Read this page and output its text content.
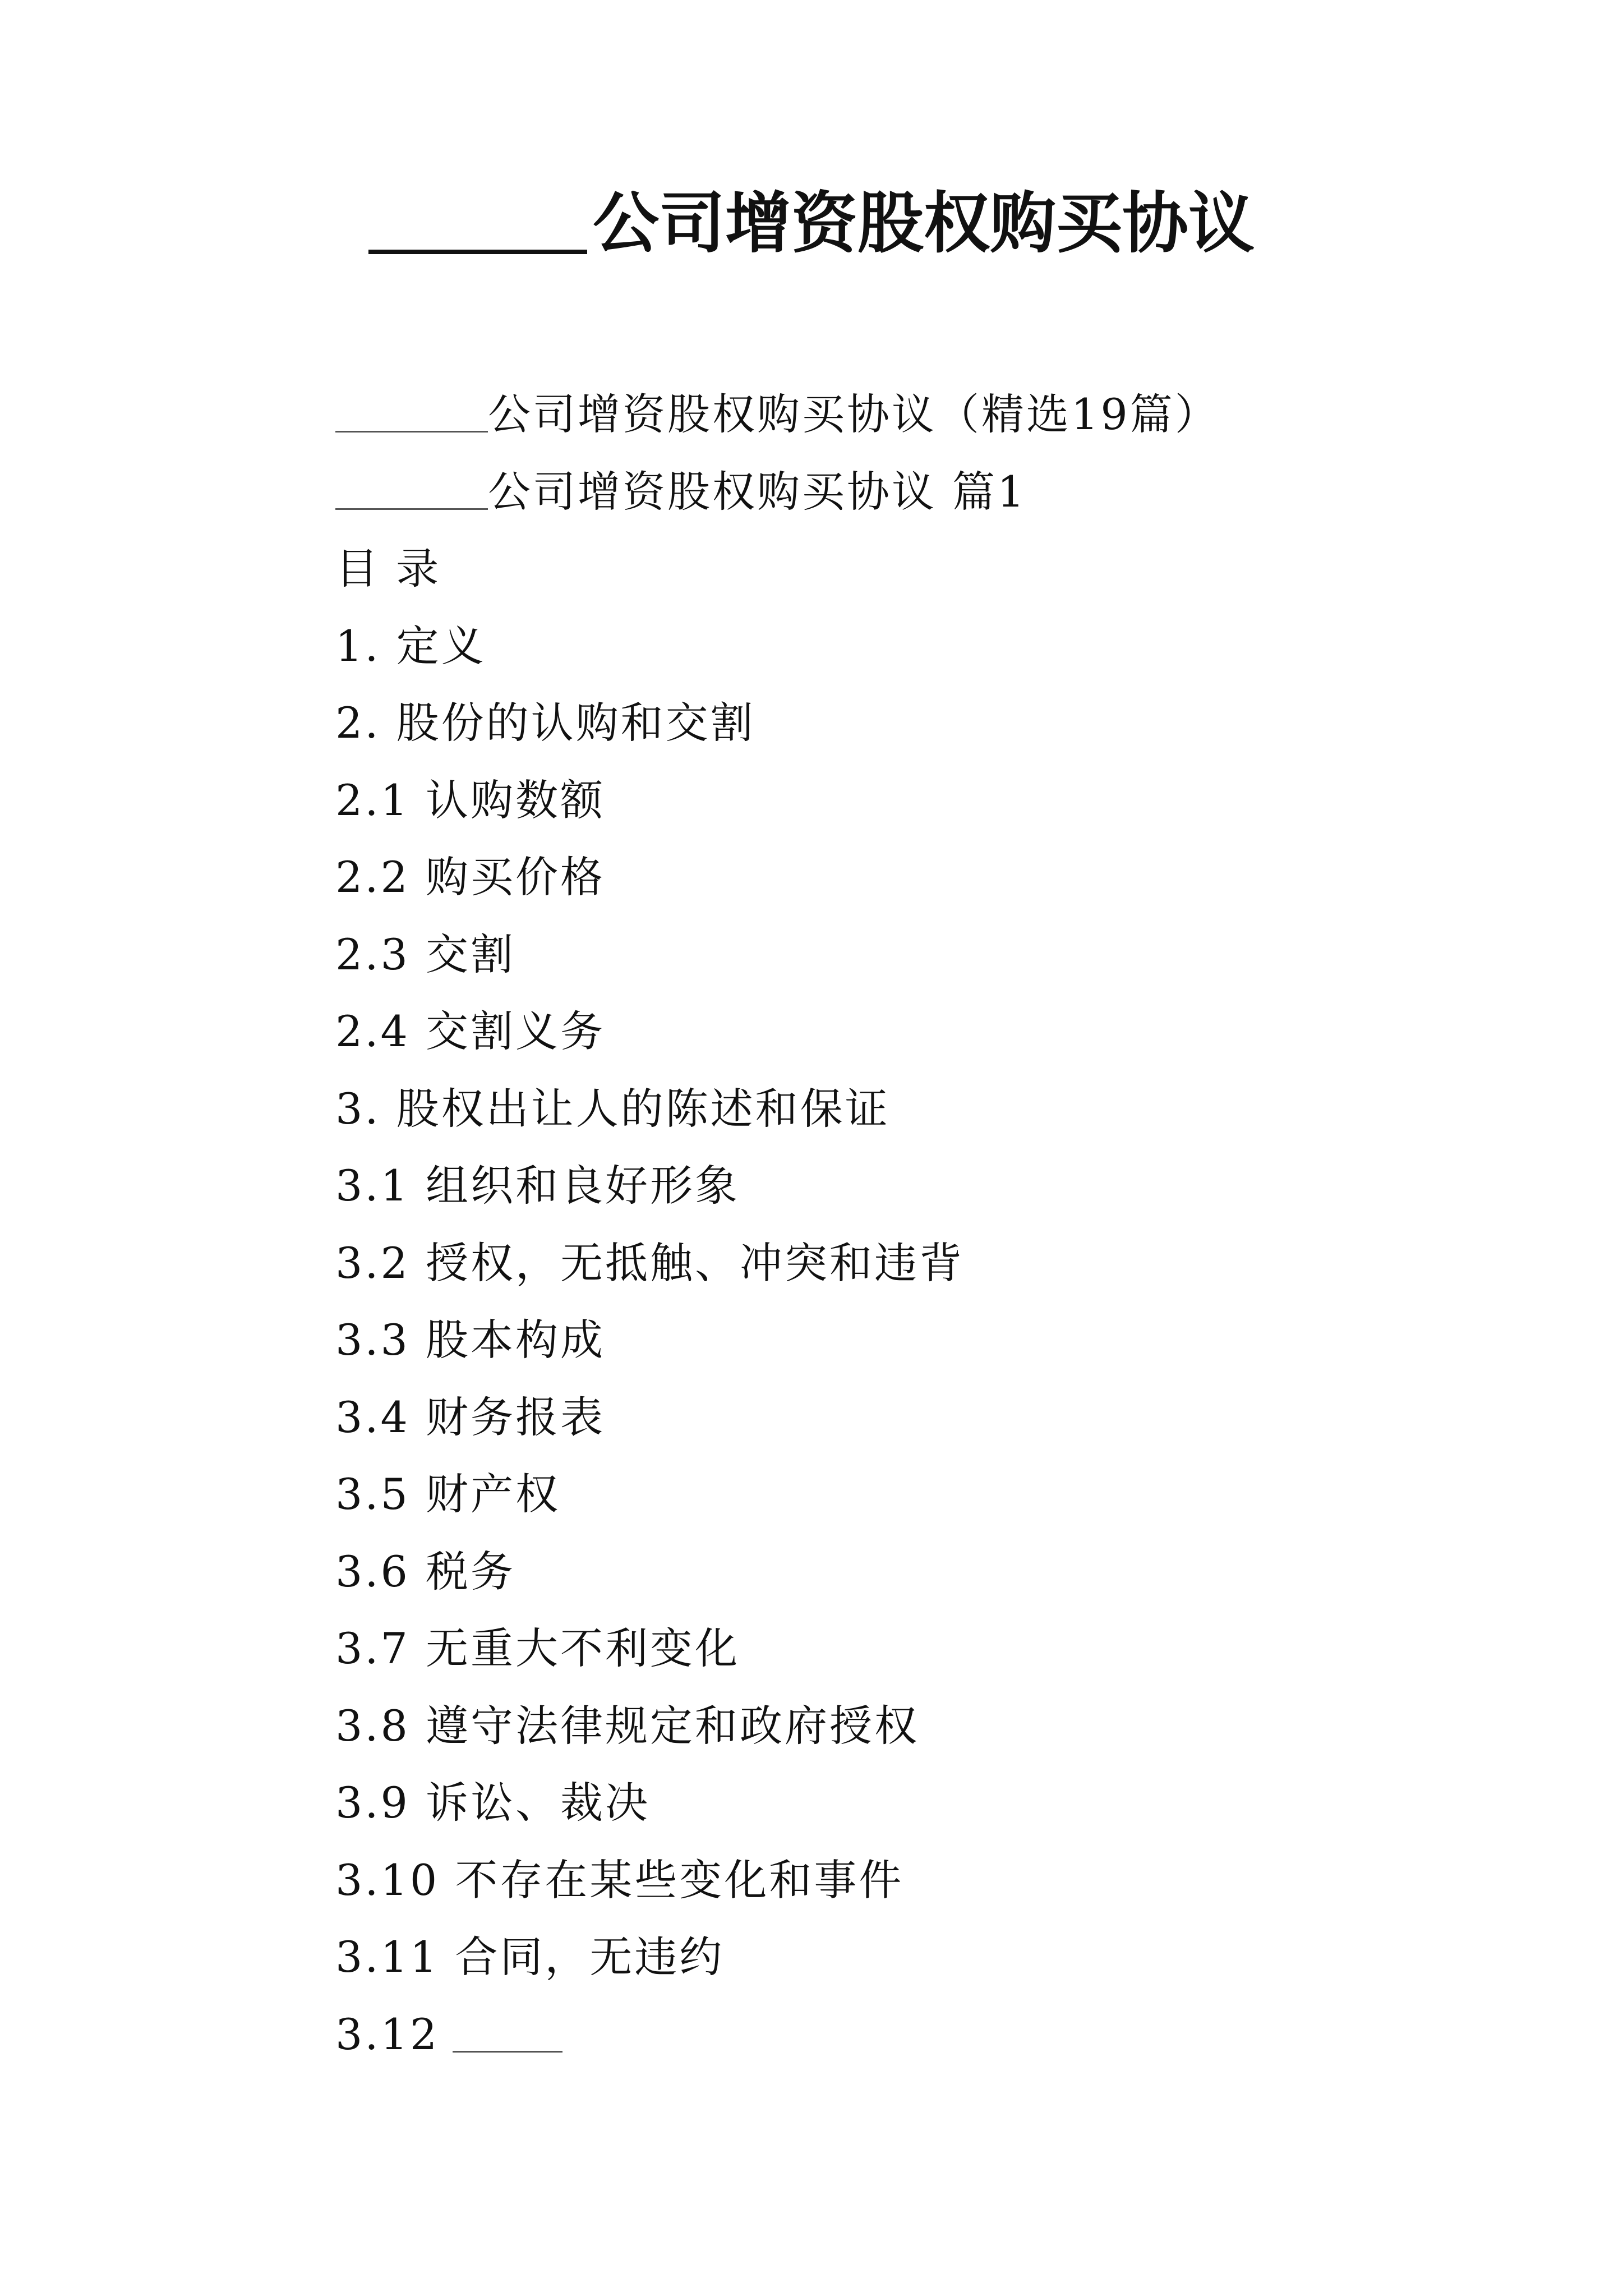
公司增资股权购买协议
公司增资股权购买协议（精选19篇）
公司增资股权购买协议 篇1
目 录
1. 定义
2. 股份的认购和交割
2.1 认购数额
2.2 购买价格
2.3 交割
2.4 交割义务
3. 股权出让人的陈述和保证
3.1 组织和良好形象
3.2 授权，无抵触、冲突和违背
3.3 股本构成
3.4 财务报表
3.5 财产权
3.6 税务
3.7 无重大不利变化
3.8 遵守法律规定和政府授权
3.9 诉讼、裁决
3.10 不存在某些变化和事件
3.11 合同，无违约
3.12
